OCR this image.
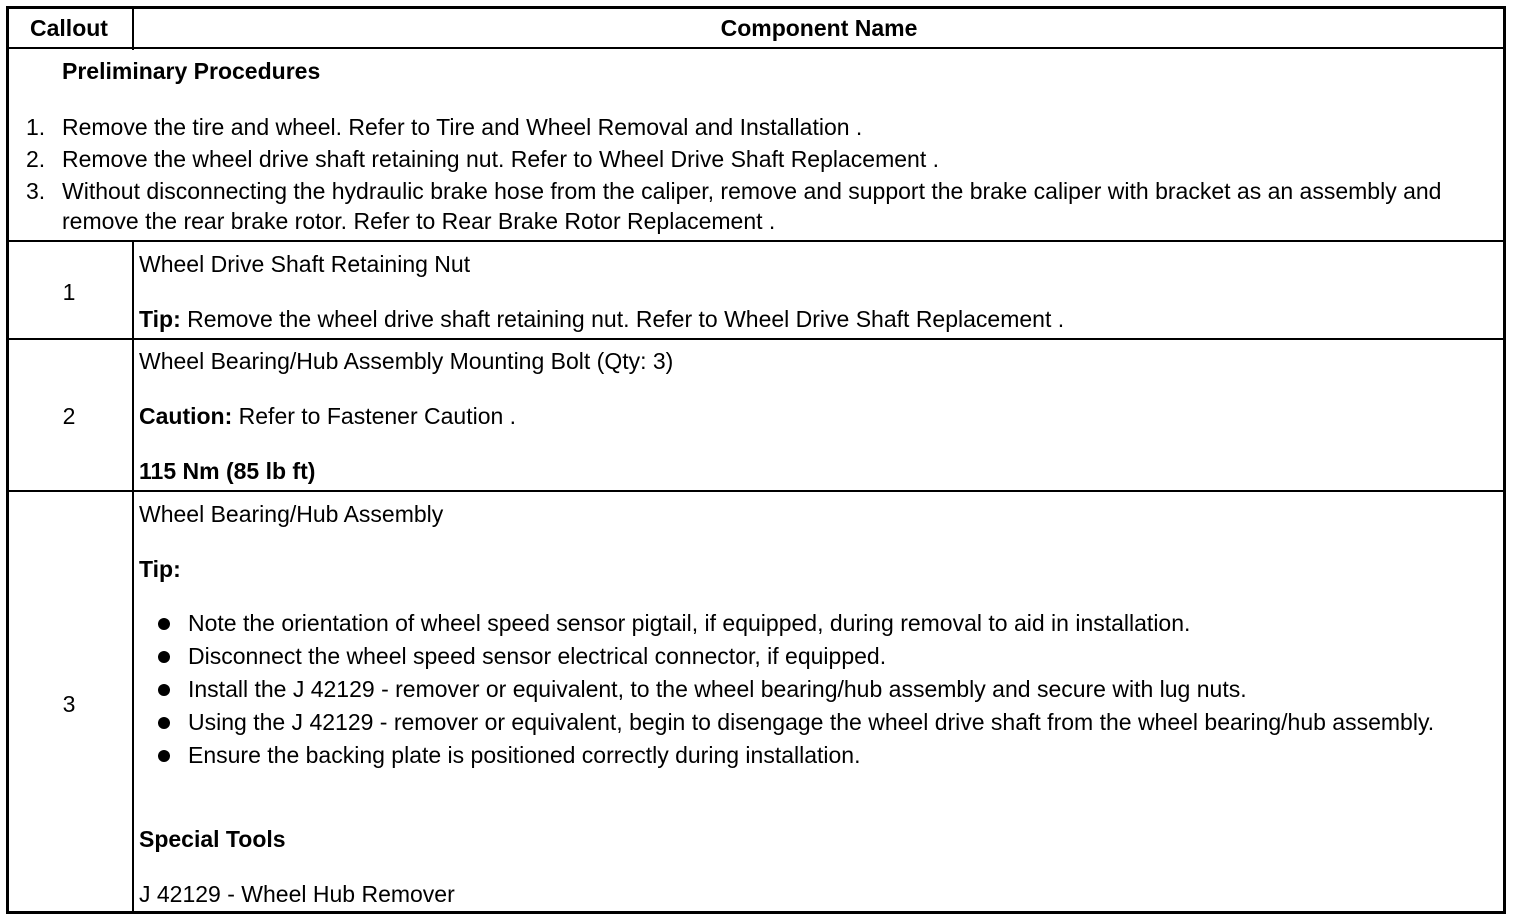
Callout	Component Name
Preliminary Procedures
1. Remove the tire and wheel. Refer to Tire and Wheel Removal and Installation .
2. Remove the wheel drive shaft retaining nut. Refer to Wheel Drive Shaft Replacement .
3. Without disconnecting the hydraulic brake hose from the caliper, remove and support the brake caliper with bracket as an assembly and remove the rear brake rotor. Refer to Rear Brake Rotor Replacement .
1
Wheel Drive Shaft Retaining Nut
Tip: Remove the wheel drive shaft retaining nut. Refer to Wheel Drive Shaft Replacement .
2
Wheel Bearing/Hub Assembly Mounting Bolt (Qty: 3)
Caution: Refer to Fastener Caution .
115 Nm (85 lb ft)
3
Wheel Bearing/Hub Assembly
Tip:
Note the orientation of wheel speed sensor pigtail, if equipped, during removal to aid in installation.
Disconnect the wheel speed sensor electrical connector, if equipped.
Install the J 42129 - remover or equivalent, to the wheel bearing/hub assembly and secure with lug nuts.
Using the J 42129 - remover or equivalent, begin to disengage the wheel drive shaft from the wheel bearing/hub assembly.
Ensure the backing plate is positioned correctly during installation.
Special Tools
J 42129 - Wheel Hub Remover
